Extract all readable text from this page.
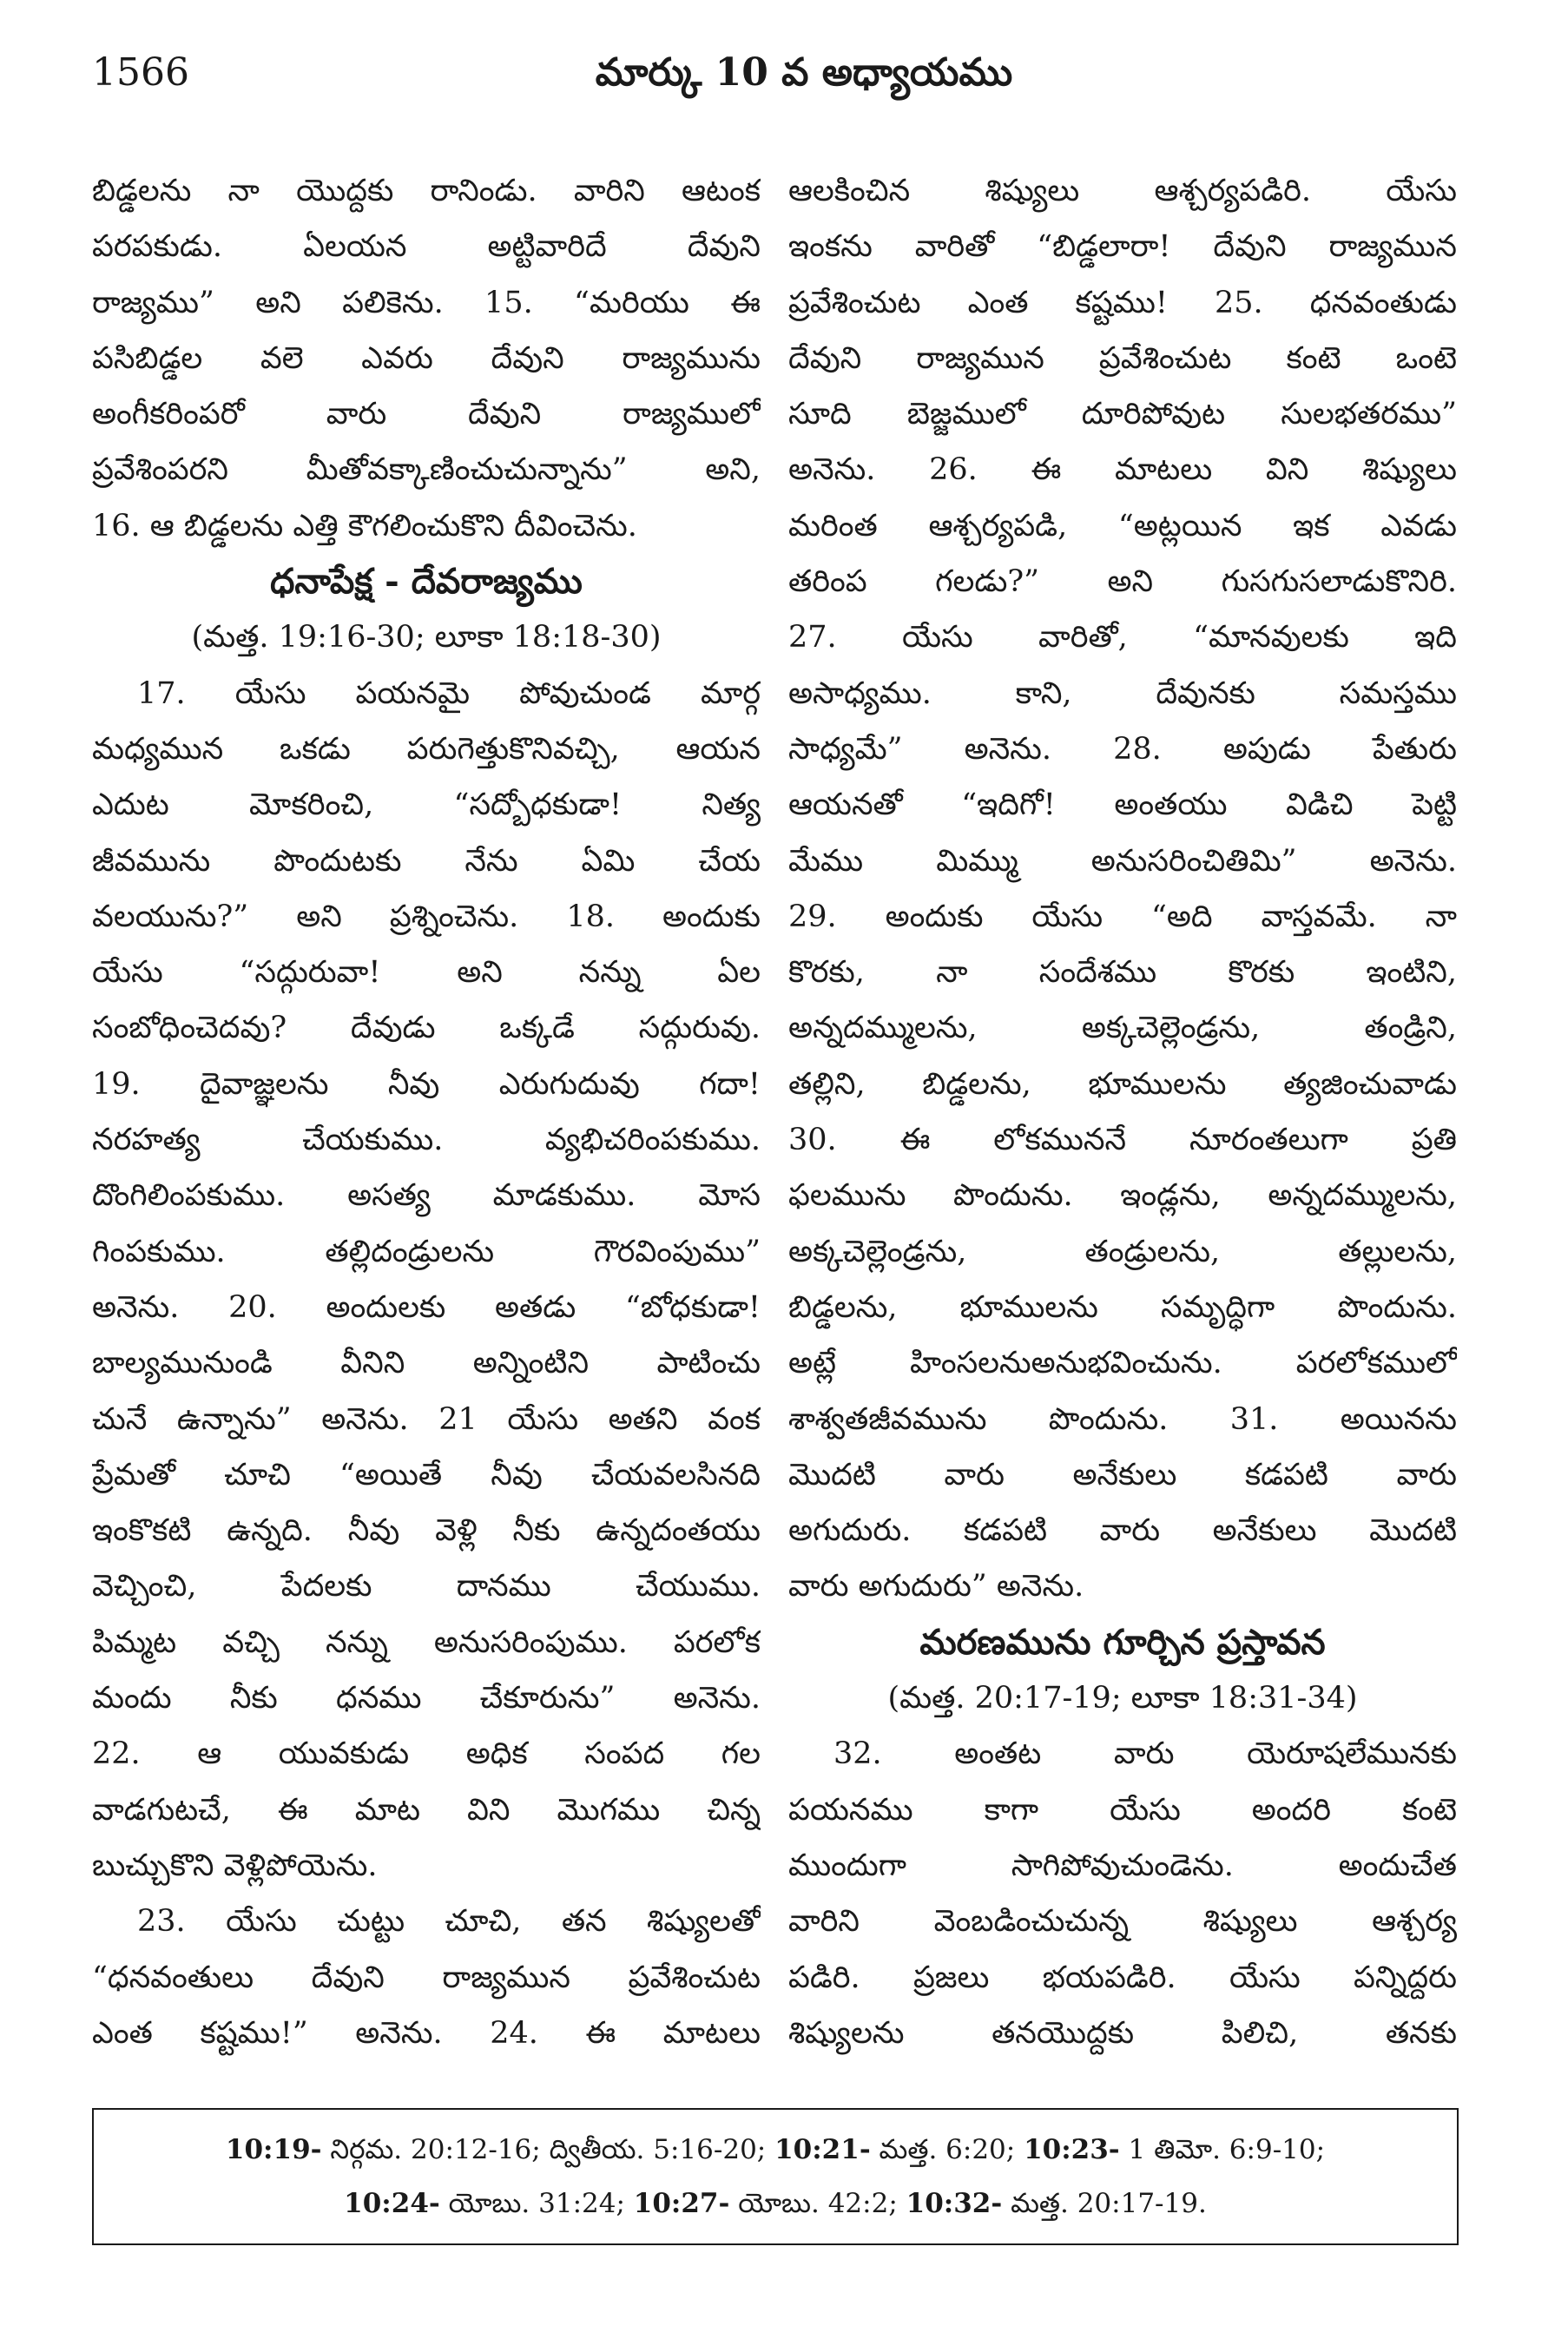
1566	మార్కు 10 వ అధ్యాయము
బిడ్డలను నా యొద్దకు రానిండు. వారిని ఆటంక
పరపకుడు. ఏలయన అట్టివారిదే దేవుని
రాజ్యము” అని పలికెను. 15. “మరియు ఈ
పసిబిడ్డల వలె ఎవరు దేవుని రాజ్యమును
అంగీకరింపరో వారు దేవుని రాజ్యములో
ప్రవేశింపరని మీతోవక్కాణించుచున్నాను” అని,
16. ఆ బిడ్డలను ఎత్తి కౌగలించుకొని దీవించెను.
ధనాపేక్ష - దేవరాజ్యము
(మత్త. 19:16-30; లూకా 18:18-30)
17. యేసు పయనమై పోవుచుండ మార్గ
మధ్యమున ఒకడు పరుగెత్తుకొనివచ్చి, ఆయన
ఎదుట మోకరించి, “సద్బోధకుడా! నిత్య
జీవమును పొందుటకు నేను ఏమి చేయ
వలయును?” అని ప్రశ్నించెను. 18. అందుకు
యేసు “సద్గురువా! అని నన్ను ఏల
సంబోధించెదవు? దేవుడు ఒక్కడే సద్గురువు.
19. దైవాజ్ఞలను నీవు ఎరుగుదువు గదా!
నరహత్య చేయకుము. వ్యభిచరింపకుము.
దొంగిలింపకుము. అసత్య మాడకుము. మోస
గింపకుము. తల్లిదండ్రులను గౌరవింపుము”
అనెను. 20. అందులకు అతడు “బోధకుడా!
బాల్యమునుండి వీనిని అన్నింటిని పాటించు
చునే ఉన్నాను” అనెను. 21 యేసు అతని వంక
ప్రేమతో చూచి “అయితే నీవు చేయవలసినది
ఇంకొకటి ఉన్నది. నీవు వెళ్లి నీకు ఉన్నదంతయు
వెచ్చించి, పేదలకు దానము చేయుము.
పిమ్మట వచ్చి నన్ను అనుసరింపుము. పరలోక
మందు నీకు ధనము చేకూరును” అనెను.
22. ఆ యువకుడు అధిక సంపద గల
వాడగుటచే, ఈ మాట విని మొగము చిన్న
బుచ్చుకొని వెళ్లిపోయెను.
23. యేసు చుట్టు చూచి, తన శిష్యులతో
“ధనవంతులు దేవుని రాజ్యమున ప్రవేశించుట
ఎంత కష్టము!” అనెను. 24. ఈ మాటలు
ఆలకించిన శిష్యులు ఆశ్చర్యపడిరి. యేసు
ఇంకను వారితో “బిడ్డలారా! దేవుని రాజ్యమున
ప్రవేశించుట ఎంత కష్టము! 25. ధనవంతుడు
దేవుని రాజ్యమున ప్రవేశించుట కంటె ఒంటె
సూది బెజ్జములో దూరిపోవుట సులభతరము”
అనెను. 26. ఈ మాటలు విని శిష్యులు
మరింత ఆశ్చర్యపడి, “అట్లయిన ఇక ఎవడు
తరింప గలడు?” అని గుసగుసలాడుకొనిరి.
27. యేసు వారితో, “మానవులకు ఇది
అసాధ్యము. కాని, దేవునకు సమస్తము
సాధ్యమే” అనెను. 28. అపుడు పేతురు
ఆయనతో “ఇదిగో! అంతయు విడిచి పెట్టి
మేము మిమ్ము అనుసరించితిమి” అనెను.
29. అందుకు యేసు “అది వాస్తవమే. నా
కొరకు, నా సందేశము కొరకు ఇంటిని,
అన్నదమ్ములను, అక్కచెల్లెండ్రను, తండ్రిని,
తల్లిని, బిడ్డలను, భూములను త్యజించువాడు
30. ఈ లోకముననే నూరంతలుగా ప్రతి
ఫలమును పొందును. ఇండ్లను, అన్నదమ్ములను,
అక్కచెల్లెండ్రను, తండ్రులను, తల్లులను,
బిడ్డలను, భూములను సమృద్ధిగా పొందును.
అట్లే హింసలనుఅనుభవించును. పరలోకములో
శాశ్వతజీవమును పొందును. 31. అయినను
మొదటి వారు అనేకులు కడపటి వారు
అగుదురు. కడపటి వారు అనేకులు మొదటి
వారు అగుదురు” అనెను.
మరణమును గూర్చిన ప్రస్తావన
(మత్త. 20:17-19; లూకా 18:31-34)
32. అంతట వారు యెరూషలేమునకు
పయనము కాగా యేసు అందరి కంటె
ముందుగా సాగిపోవుచుండెను. అందుచేత
వారిని వెంబడించుచున్న శిష్యులు ఆశ్చర్య
పడిరి. ప్రజలు భయపడిరి. యేసు పన్నిద్దరు
శిష్యులను తనయొద్దకు పిలిచి, తనకు
10:19- నిర్గమ. 20:12-16; ద్వితీయ. 5:16-20; 10:21- మత్త. 6:20; 10:23- 1 తిమో. 6:9-10;
10:24- యోబు. 31:24; 10:27- యోబు. 42:2; 10:32- మత్త. 20:17-19.
